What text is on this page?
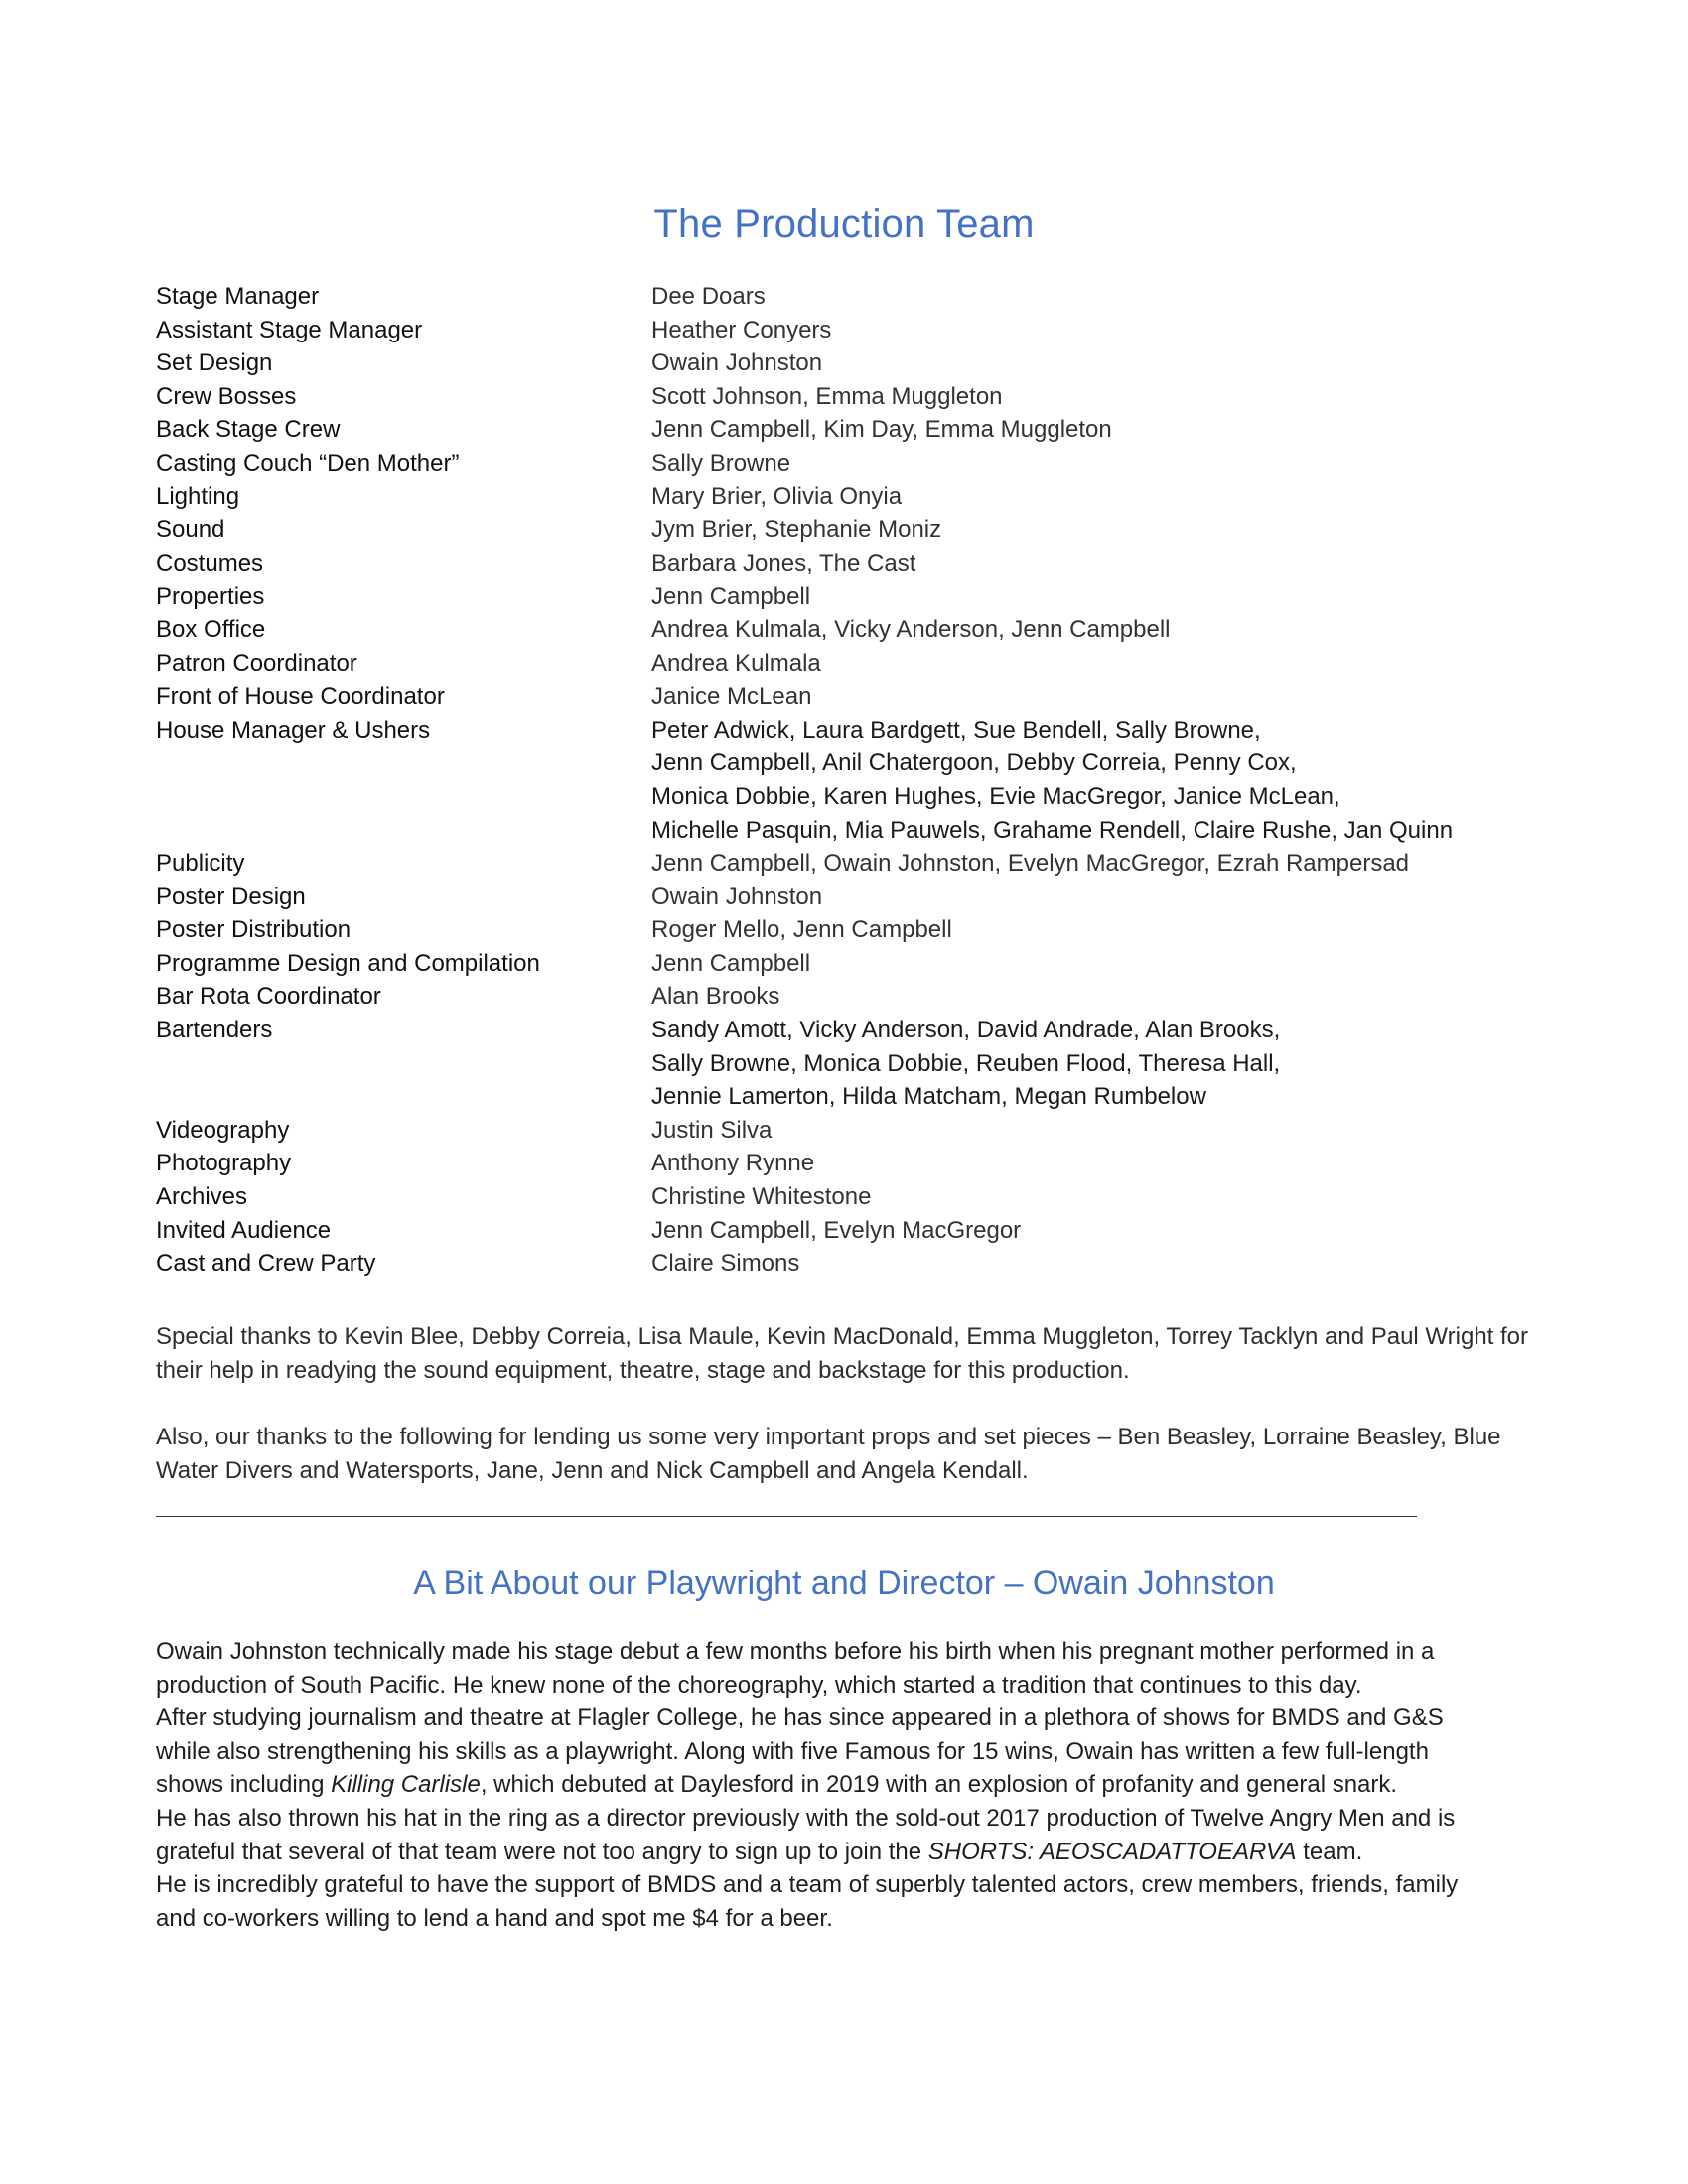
The Production Team
Stage Manager	Dee Doars
Assistant Stage Manager	Heather Conyers
Set Design	Owain Johnston
Crew Bosses	Scott Johnson, Emma Muggleton
Back Stage Crew	Jenn Campbell, Kim Day, Emma Muggleton
Casting Couch “Den Mother”	Sally Browne
Lighting	Mary Brier, Olivia Onyia
Sound	Jym Brier, Stephanie Moniz
Costumes	Barbara Jones, The Cast
Properties	Jenn Campbell
Box Office	Andrea Kulmala, Vicky Anderson, Jenn Campbell
Patron Coordinator	Andrea Kulmala
Front of House Coordinator	Janice McLean
House Manager & Ushers	Peter Adwick, Laura Bardgett, Sue Bendell, Sally Browne,
Jenn Campbell, Anil Chatergoon, Debby Correia, Penny Cox,
Monica Dobbie, Karen Hughes, Evie MacGregor, Janice McLean,
Michelle Pasquin, Mia Pauwels, Grahame Rendell, Claire Rushe, Jan Quinn
Publicity	Jenn Campbell, Owain Johnston, Evelyn MacGregor, Ezrah Rampersad
Poster Design	Owain Johnston
Poster Distribution	Roger Mello, Jenn Campbell
Programme Design and Compilation	Jenn Campbell
Bar Rota Coordinator	Alan Brooks
Bartenders	Sandy Amott, Vicky Anderson, David Andrade, Alan Brooks,
Sally Browne, Monica Dobbie, Reuben Flood, Theresa Hall,
Jennie Lamerton, Hilda Matcham, Megan Rumbelow
Videography	Justin Silva
Photography	Anthony Rynne
Archives	Christine Whitestone
Invited Audience	Jenn Campbell, Evelyn MacGregor
Cast and Crew Party	Claire Simons

Special thanks to Kevin Blee, Debby Correia, Lisa Maule, Kevin MacDonald, Emma Muggleton, Torrey Tacklyn and Paul Wright for their help in readying the sound equipment, theatre, stage and backstage for this production.

Also, our thanks to the following for lending us some very important props and set pieces – Ben Beasley, Lorraine Beasley, Blue Water Divers and Watersports, Jane, Jenn and Nick Campbell and Angela Kendall.

A Bit About our Playwright and Director – Owain Johnston
Owain Johnston technically made his stage debut a few months before his birth when his pregnant mother performed in a
production of South Pacific. He knew none of the choreography, which started a tradition that continues to this day.
After studying journalism and theatre at Flagler College, he has since appeared in a plethora of shows for BMDS and G&S
while also strengthening his skills as a playwright. Along with five Famous for 15 wins, Owain has written a few full-length
shows including Killing Carlisle, which debuted at Daylesford in 2019 with an explosion of profanity and general snark.
He has also thrown his hat in the ring as a director previously with the sold-out 2017 production of Twelve Angry Men and is
grateful that several of that team were not too angry to sign up to join the SHORTS: AEOSCADATTOEARVA team.
He is incredibly grateful to have the support of BMDS and a team of superbly talented actors, crew members, friends, family
and co-workers willing to lend a hand and spot me $4 for a beer.
